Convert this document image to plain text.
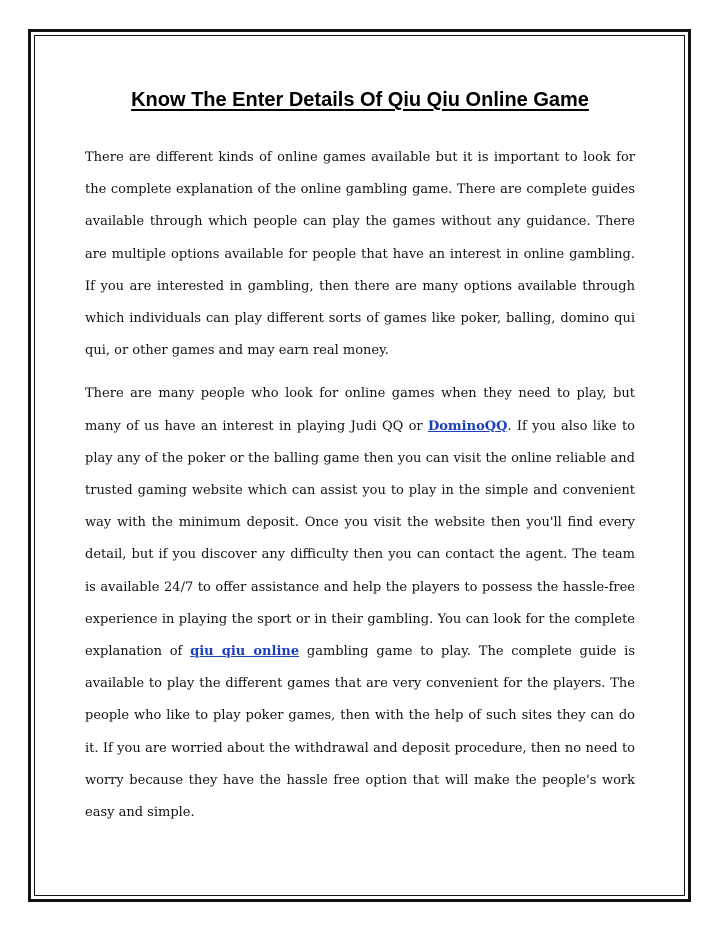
Know The Enter Details Of Qiu Qiu Online Game

There are different kinds of online games available but it is important to look for the complete explanation of the online gambling game. There are complete guides available through which people can play the games without any guidance. There are multiple options available for people that have an interest in online gambling. If you are interested in gambling, then there are many options available through which individuals can play different sorts of games like poker, balling, domino qui qui, or other games and may earn real money.

There are many people who look for online games when they need to play, but many of us have an interest in playing Judi QQ or DominoQQ. If you also like to play any of the poker or the balling game then you can visit the online reliable and trusted gaming website which can assist you to play in the simple and convenient way with the minimum deposit. Once you visit the website then you'll find every detail, but if you discover any difficulty then you can contact the agent. The team is available 24/7 to offer assistance and help the players to possess the hassle-free experience in playing the sport or in their gambling. You can look for the complete explanation of qiu qiu online gambling game to play. The complete guide is available to play the different games that are very convenient for the players. The people who like to play poker games, then with the help of such sites they can do it. If you are worried about the withdrawal and deposit procedure, then no need to worry because they have the hassle free option that will make the people's work easy and simple.
